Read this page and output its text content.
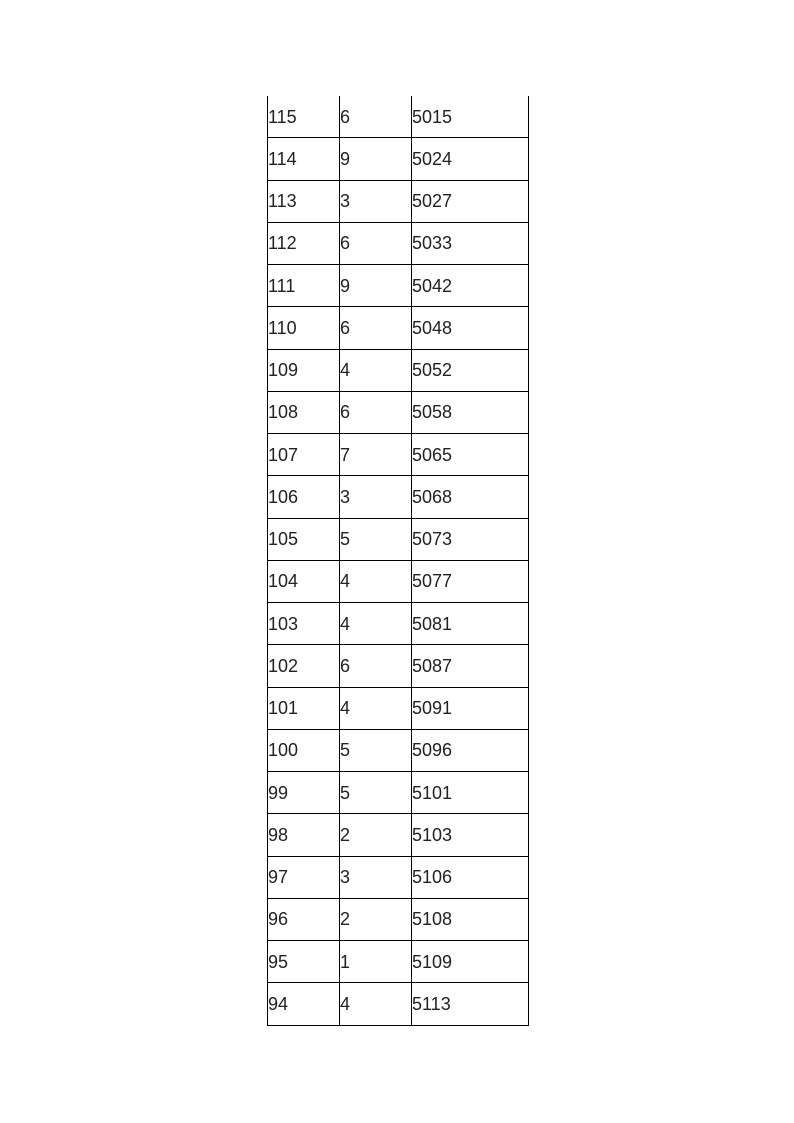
115	6	5015
114	9	5024
113	3	5027
112	6	5033
111	9	5042
110	6	5048
109	4	5052
108	6	5058
107	7	5065
106	3	5068
105	5	5073
104	4	5077
103	4	5081
102	6	5087
101	4	5091
100	5	5096
99	5	5101
98	2	5103
97	3	5106
96	2	5108
95	1	5109
94	4	5113
